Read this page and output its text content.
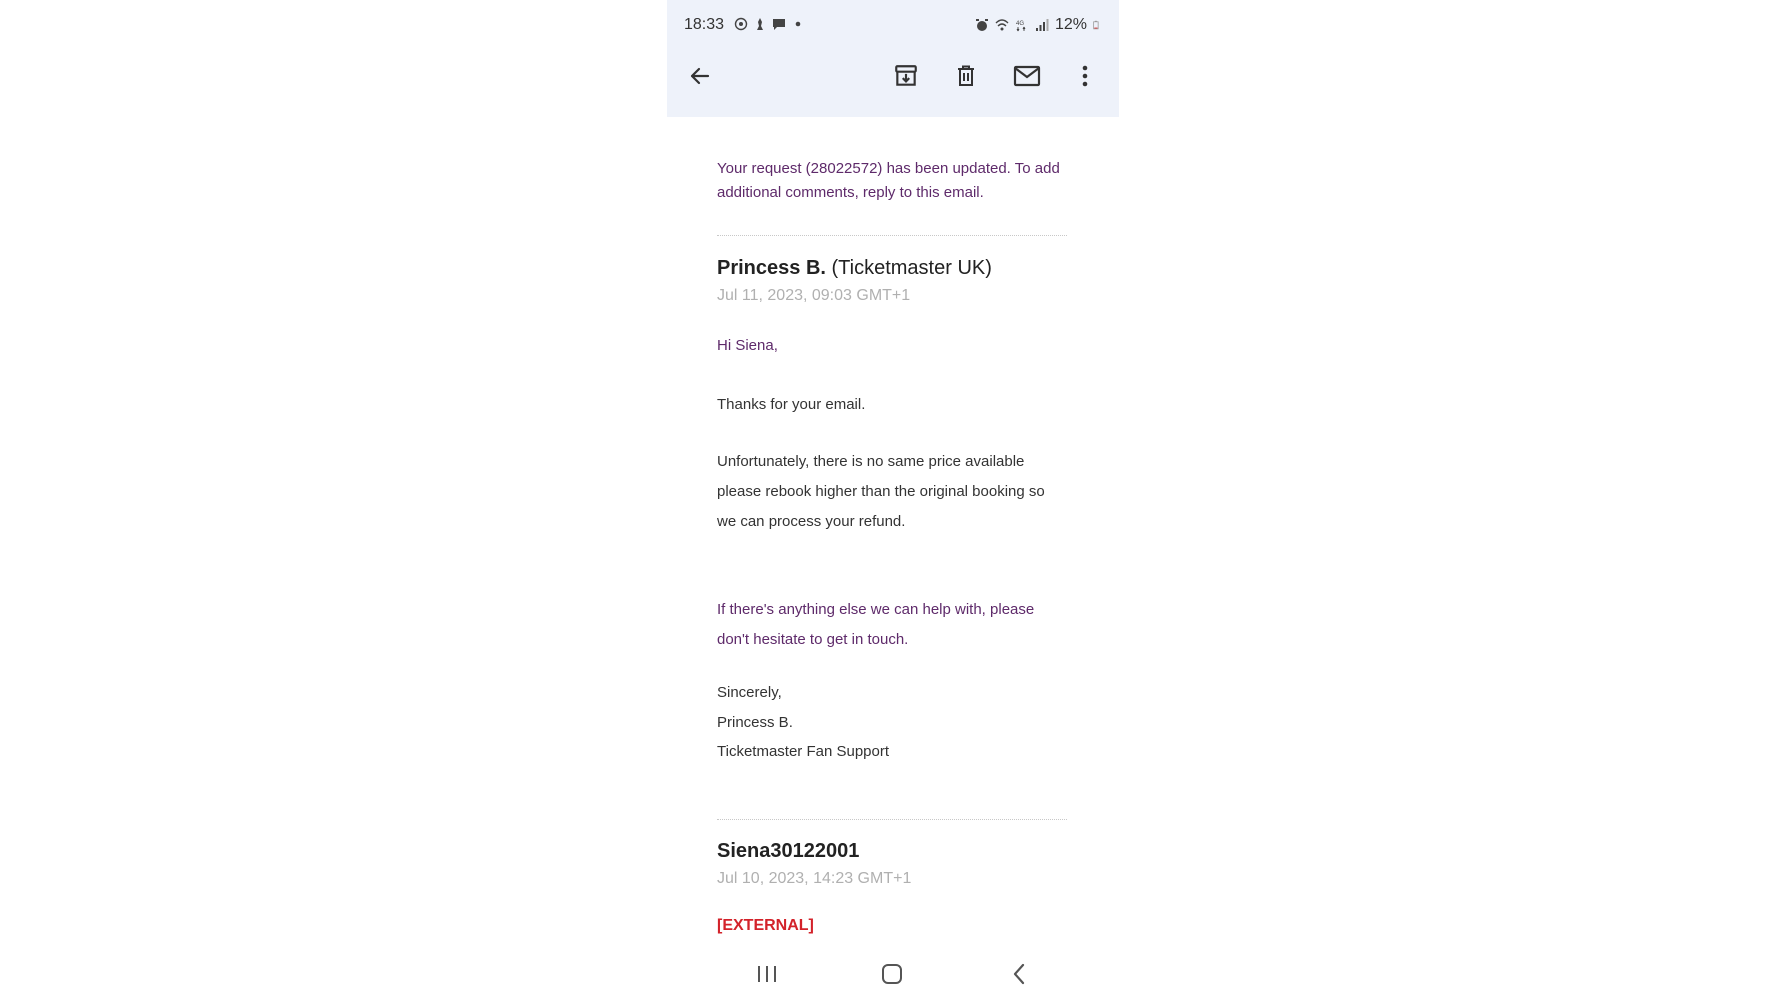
18:33	4G 12%
Your request (28022572) has been updated. To add additional comments, reply to this email.
Princess B. (Ticketmaster UK)
Jul 11, 2023, 09:03 GMT+1
Hi Siena,
Thanks for your email.
Unfortunately, there is no same price available please rebook higher than the original booking so we can process your refund.
If there's anything else we can help with, please don't hesitate to get in touch.
Sincerely,
Princess B.
Ticketmaster Fan Support
Siena30122001
Jul 10, 2023, 14:23 GMT+1
[EXTERNAL]
